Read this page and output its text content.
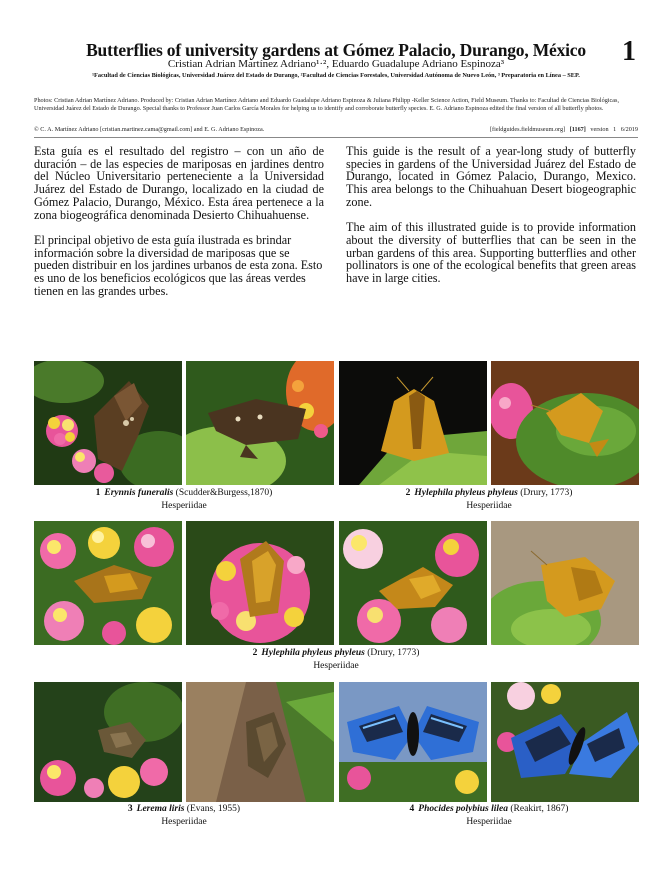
Butterflies of university gardens at Gómez Palacio, Durango, México	1
Cristian Adrian Martínez Adriano¹·², Eduardo Guadalupe Adriano Espinoza³
¹Facultad de Ciencias Biológicas, Universidad Juárez del Estado de Durango, ²Facultad de Ciencias Forestales, Universidad Autónoma de Nuevo León, ³ Preparatoria en Línea – SEP.
Photos: Cristian Adrian Martínez Adriano. Produced by: Cristian Adrian Martínez Adriano and Eduardo Guadalupe Adriano Espinoza & Juliana Philipp -Keller Science Action, Field Museum. Thanks to: Facultad de Ciencias Biológicas, Universidad Juárez del Estado de Durango. Special thanks to Professor Juan Carlos García Morales for helping us to identify and corroborate butterfly species. E. G. Adriano Espinoza edited the final version of all butterfly photos.
© C. A. Martínez Adriano [cristian.martinez.cama@gmail.com] and E. G. Adriano Espinoza.	[fieldguides.fieldmuseum.org] [1167] version 1 6/2019

Esta guía es el resultado del registro – con un año de duración – de las especies de mariposas en jardines dentro del Núcleo Universitario perteneciente a la Universidad Juárez del Estado de Durango, localizado en la ciudad de Gómez Palacio, Durango, México. Esta área pertenece a la zona biogeográfica denominada Desierto Chihuahuense.

El principal objetivo de esta guía ilustrada es brindar información sobre la diversidad de mariposas que se pueden distribuir en los jardines urbanos de esta zona. Esto es uno de los beneficios ecológicos que las áreas verdes tienen en las grandes urbes.

This guide is the result of a year-long study of butterfly species in gardens of the Universidad Juárez del Estado de Durango, located in Gómez Palacio, Durango, Mexico. This area belongs to the Chihuahuan Desert biogeographic zone.

The aim of this illustrated guide is to provide information about the diversity of butterflies that can be seen in the urban gardens of this area. Supporting butterflies and other pollinators is one of the ecological benefits that green areas have in large cities.

1 Erynnis funeralis (Scudder&Burgess,1870)
Hesperiidae
2 Hylephila phyleus phyleus (Drury, 1773)
Hesperiidae
2 Hylephila phyleus phyleus (Drury, 1773)
Hesperiidae
3 Lerema liris (Evans, 1955)
Hesperiidae
4 Phocides polybius lilea (Reakirt, 1867)
Hesperiidae
